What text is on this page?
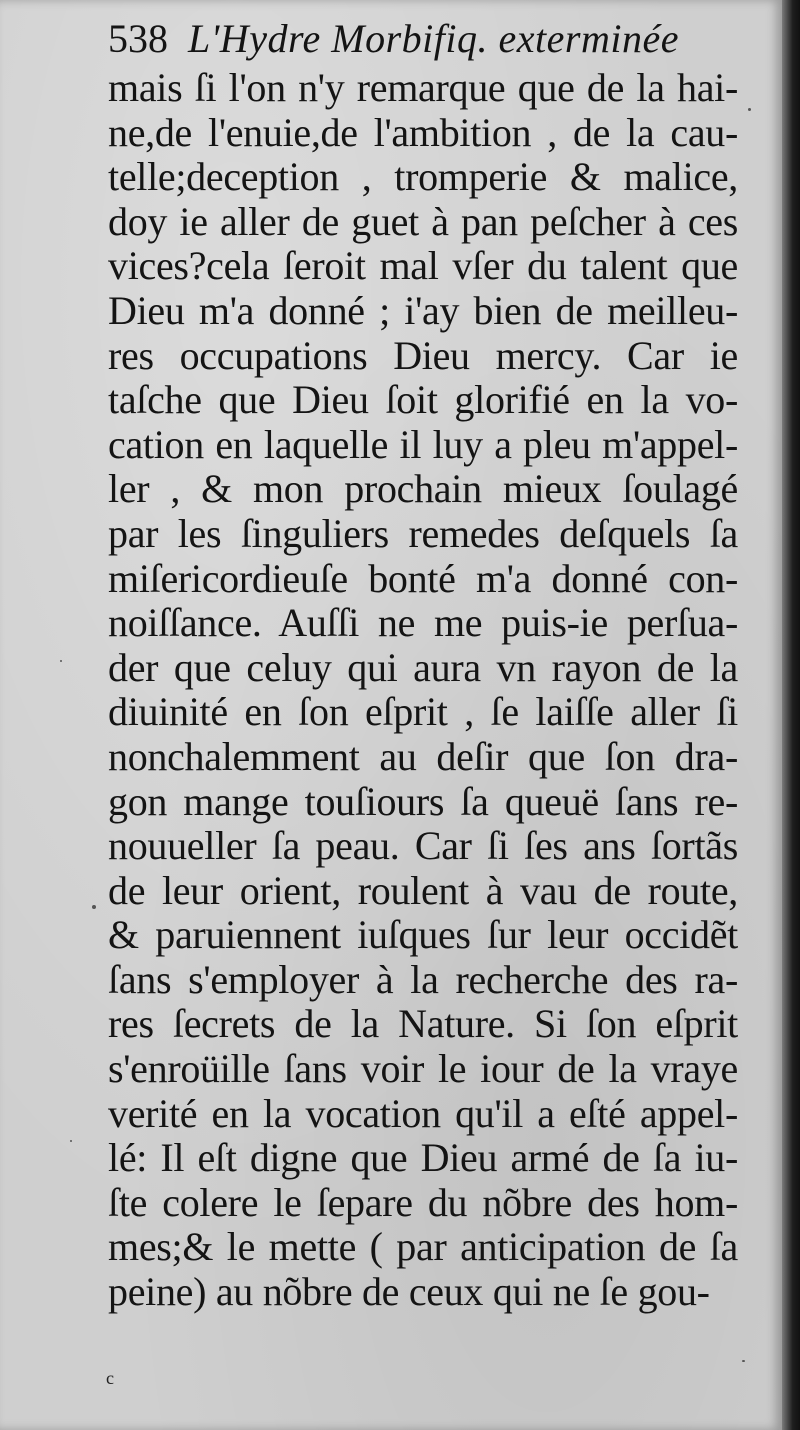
538 L'Hydre Morbifiq. exterminée
mais ſi l'on n'y remarque que de la hai-
ne,de l'enuie,de l'ambition , de la cau-
telle;deception , tromperie & malice,
doy ie aller de guet à pan peſcher à ces
vices?cela ſeroit mal vſer du talent que
Dieu m'a donné ; i'ay bien de meilleu-
res occupations Dieu mercy. Car ie
taſche que Dieu ſoit glorifié en la vo-
cation en laquelle il luy a pleu m'appel-
ler , & mon prochain mieux ſoulagé
par les ſinguliers remedes deſquels ſa
miſericordieuſe bonté m'a donné con-
noiſſance. Auſſi ne me puis-ie perſua-
der que celuy qui aura vn rayon de la
diuinité en ſon eſprit , ſe laiſſe aller ſi
nonchalemment au deſir que ſon dra-
gon mange touſiours ſa queuë ſans re-
nouueller ſa peau. Car ſi ſes ans ſortãs
de leur orient, roulent à vau de route,
& paruiennent iuſques ſur leur occidẽt
ſans s'employer à la recherche des ra-
res ſecrets de la Nature. Si ſon eſprit
s'enroüille ſans voir le iour de la vraye
verité en la vocation qu'il a eſté appel-
lé: Il eſt digne que Dieu armé de ſa iu-
ſte colere le ſepare du nõbre des hom-
mes;& le mette ( par anticipation de ſa
peine) au nõbre de ceux qui ne ſe gou-
c
